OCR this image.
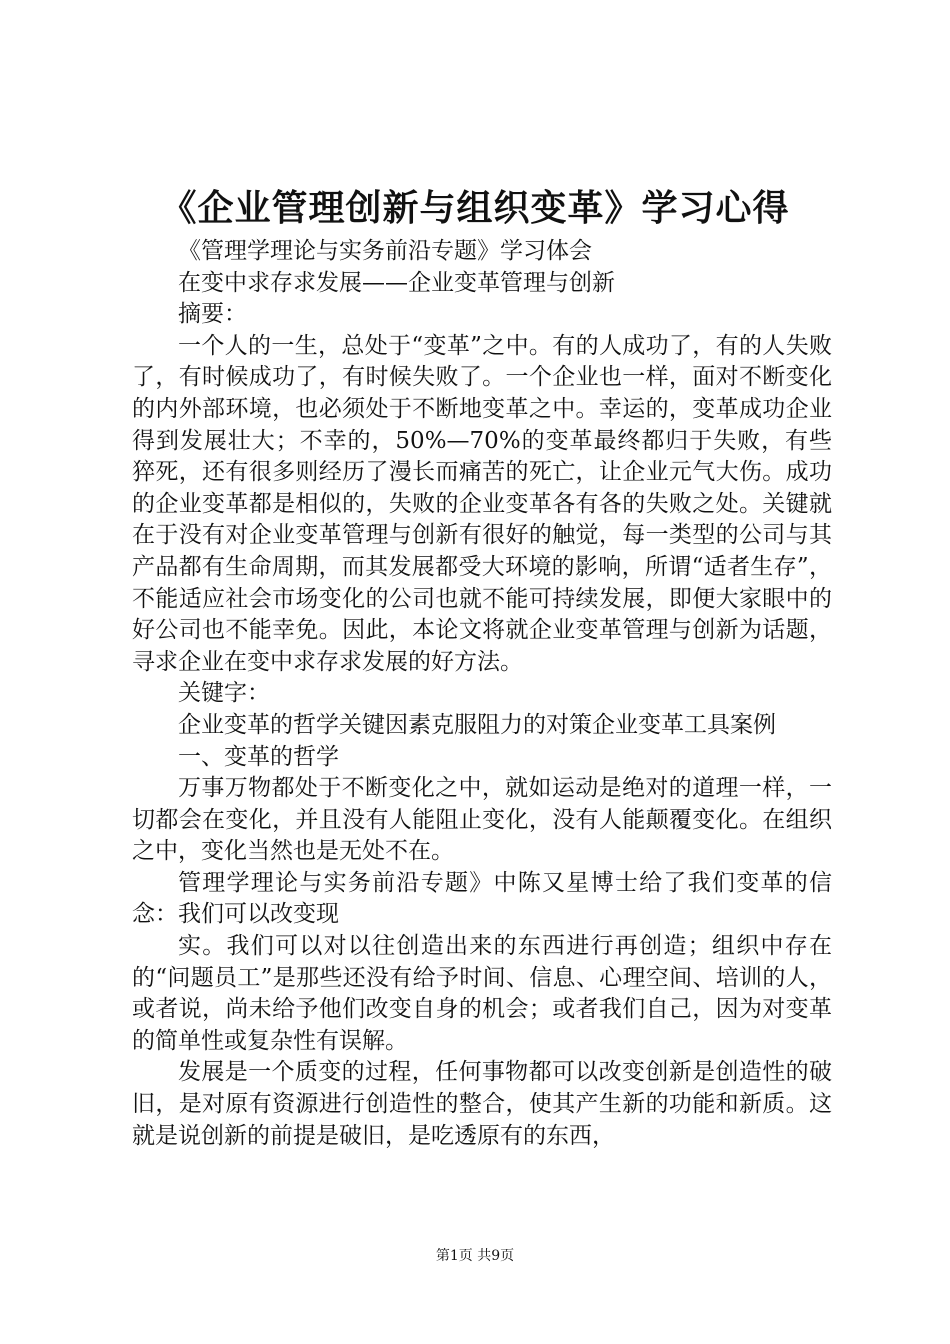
《企业管理创新与组织变革》学习心得

《管理学理论与实务前沿专题》学习体会

在变中求存求发展——企业变革管理与创新

摘要：

一个人的一生，总处于“变革”之中。有的人成功了，有的人失败了，有时候成功了，有时候失败了。一个企业也一样，面对不断变化的内外部环境，也必须处于不断地变革之中。幸运的，变革成功企业得到发展壮大；不幸的，50%—70%的变革最终都归于失败，有些猝死，还有很多则经历了漫长而痛苦的死亡，让企业元气大伤。成功的企业变革都是相似的，失败的企业变革各有各的失败之处。关键就在于没有对企业变革管理与创新有很好的触觉，每一类型的公司与其产品都有生命周期，而其发展都受大环境的影响，所谓“适者生存”，不能适应社会市场变化的公司也就不能可持续发展，即便大家眼中的好公司也不能幸免。因此，本论文将就企业变革管理与创新为话题，寻求企业在变中求存求发展的好方法。

关键字：

企业变革的哲学关键因素克服阻力的对策企业变革工具案例

一、变革的哲学

万事万物都处于不断变化之中，就如运动是绝对的道理一样，一切都会在变化，并且没有人能阻止变化，没有人能颠覆变化。在组织之中，变化当然也是无处不在。

管理学理论与实务前沿专题》中陈又星博士给了我们变革的信念：我们可以改变现

实。我们可以对以往创造出来的东西进行再创造；组织中存在的“问题员工”是那些还没有给予时间、信息、心理空间、培训的人，或者说，尚未给予他们改变自身的机会；或者我们自己，因为对变革的简单性或复杂性有误解。

发展是一个质变的过程，任何事物都可以改变创新是创造性的破旧，是对原有资源进行创造性的整合，使其产生新的功能和新质。这就是说创新的前提是破旧，是吃透原有的东西，

第1页 共9页
